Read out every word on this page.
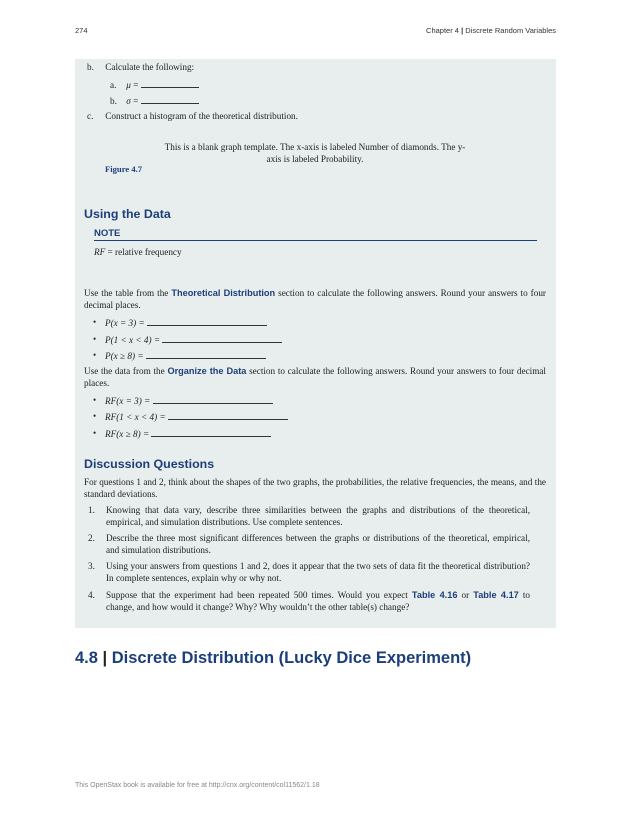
274	Chapter 4 | Discrete Random Variables
b. Calculate the following:
a. μ =
b. σ =
c. Construct a histogram of the theoretical distribution.
This is a blank graph template. The x-axis is labeled Number of diamonds. The y-
axis is labeled Probability.
Figure 4.7
Using the Data
NOTE
RF = relative frequency
Use the table from the Theoretical Distribution section to calculate the following answers. Round your answers to four decimal places.
• P(x = 3) =
• P(1 < x < 4) =
• P(x ≥ 8) =
Use the data from the Organize the Data section to calculate the following answers. Round your answers to four decimal places.
• RF(x = 3) =
• RF(1 < x < 4) =
• RF(x ≥ 8) =
Discussion Questions
For questions 1 and 2, think about the shapes of the two graphs, the probabilities, the relative frequencies, the means, and the standard deviations.
1. Knowing that data vary, describe three similarities between the graphs and distributions of the theoretical, empirical, and simulation distributions. Use complete sentences.
2. Describe the three most significant differences between the graphs or distributions of the theoretical, empirical, and simulation distributions.
3. Using your answers from questions 1 and 2, does it appear that the two sets of data fit the theoretical distribution? In complete sentences, explain why or why not.
4. Suppose that the experiment had been repeated 500 times. Would you expect Table 4.16 or Table 4.17 to change, and how would it change? Why? Why wouldn’t the other table(s) change?
4.8 | Discrete Distribution (Lucky Dice Experiment)
This OpenStax book is available for free at http://cnx.org/content/col11562/1.18
